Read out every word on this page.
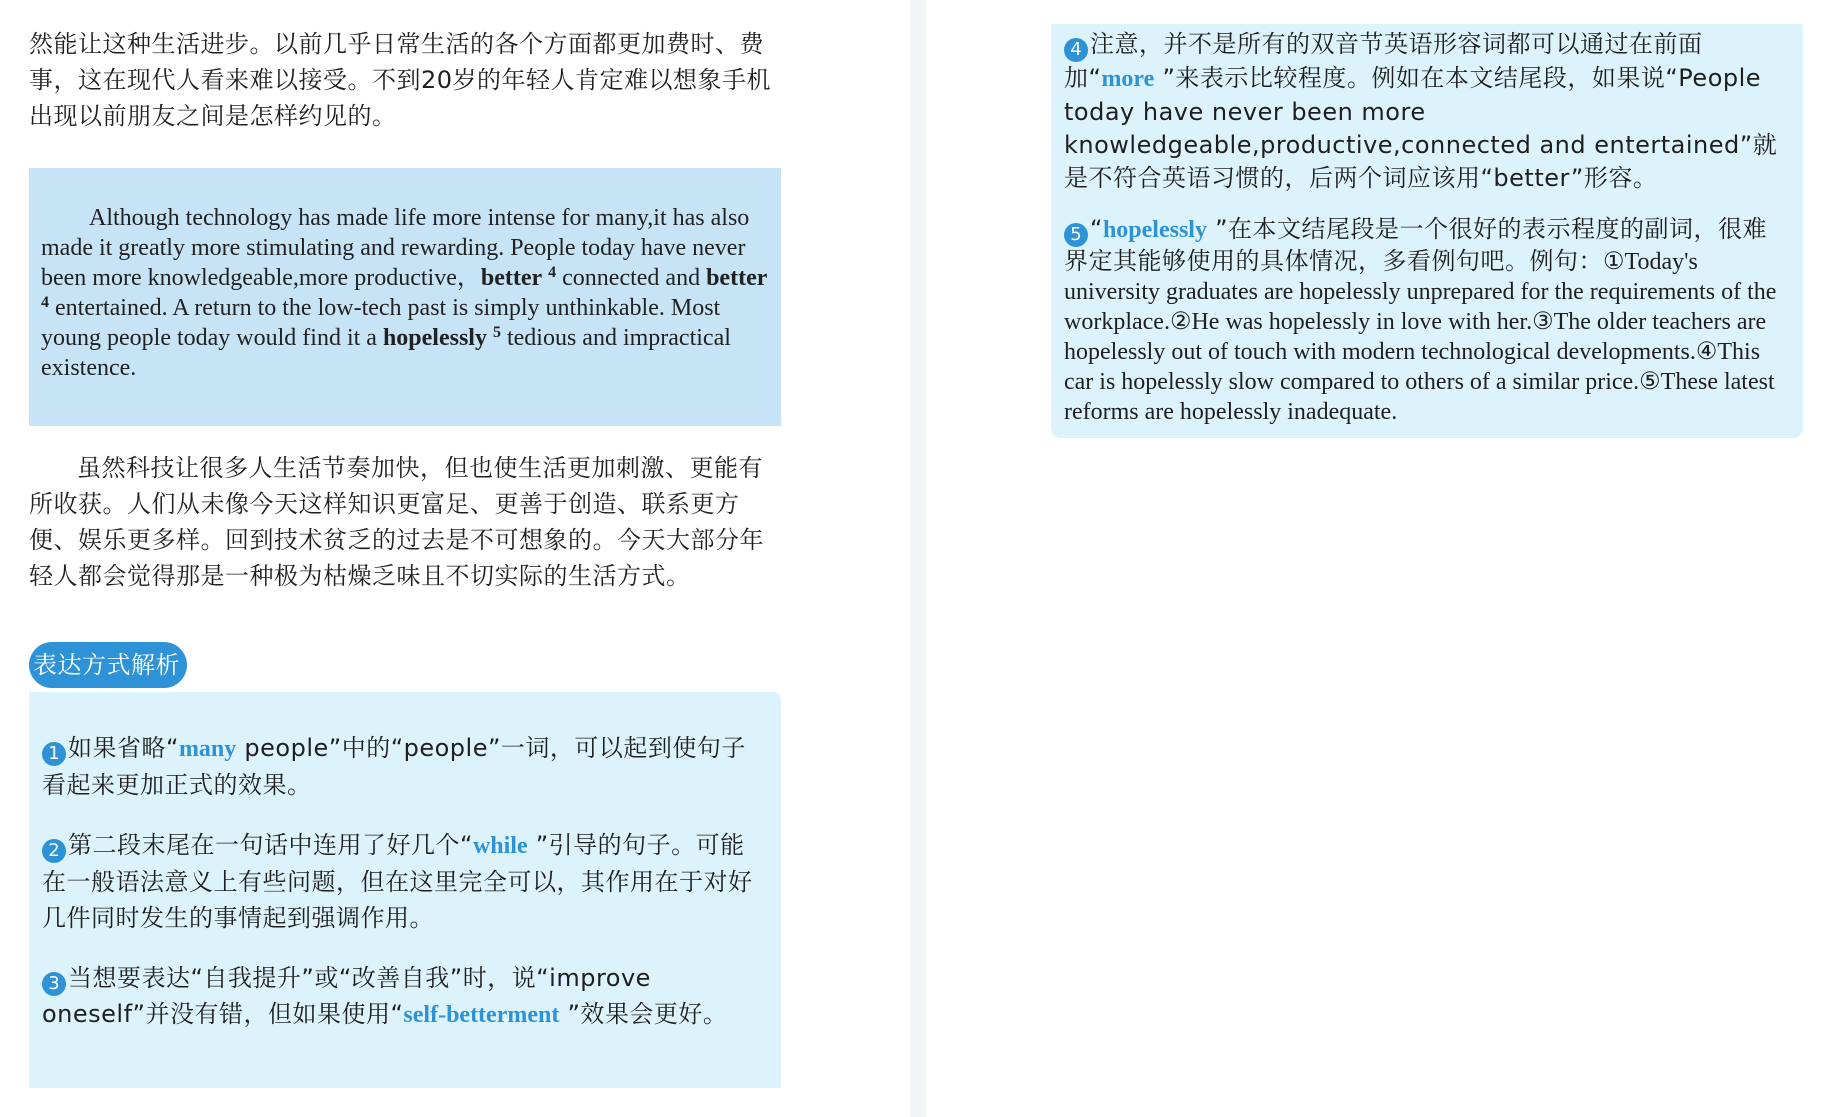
然能让这种生活进步。以前几乎日常生活的各个方面都更加费时、费事，这在现代人看来难以接受。不到20岁的年轻人肯定难以想象手机出现以前朋友之间是怎样约见的。
Although technology has made life more intense for many,it has also made it greatly more stimulating and rewarding. People today have never been more knowledgeable,more productive，better $^4$ connected and better $^4$ entertained. A return to the low-tech past is simply unthinkable. Most young people today would find it a hopelessly $^5$ tedious and impractical existence.
虽然科技让很多人生活节奏加快，但也使生活更加刺激、更能有所收获。人们从未像今天这样知识更富足、更善于创造、联系更方便、娱乐更多样。回到技术贫乏的过去是不可想象的。今天大部分年轻人都会觉得那是一种极为枯燥乏味且不切实际的生活方式。
表达方式解析
1 如果省略“many people”中的“people”一词，可以起到使句子看起来更加正式的效果。
2 第二段末尾在一句话中连用了好几个“while ”引导的句子。可能在一般语法意义上有些问题，但在这里完全可以，其作用在于对好几件同时发生的事情起到强调作用。
3 当想要表达“自我提升”或“改善自我”时，说“improve oneself”并没有错，但如果使用“self-betterment ”效果会更好。
4 注意，并不是所有的双音节英语形容词都可以通过在前面加“more ”来表示比较程度。例如在本文结尾段，如果说“People today have never been more knowledgeable,productive,connected and entertained”就是不符合英语习惯的，后两个词应该用“better”形容。
5 “hopelessly ”在本文结尾段是一个很好的表示程度的副词，很难界定其能够使用的具体情况，多看例句吧。例句：①Today's university graduates are hopelessly unprepared for the requirements of the workplace.②He was hopelessly in love with her.③The older teachers are hopelessly out of touch with modern technological developments.④This car is hopelessly slow compared to others of a similar price.⑤These latest reforms are hopelessly inadequate.
